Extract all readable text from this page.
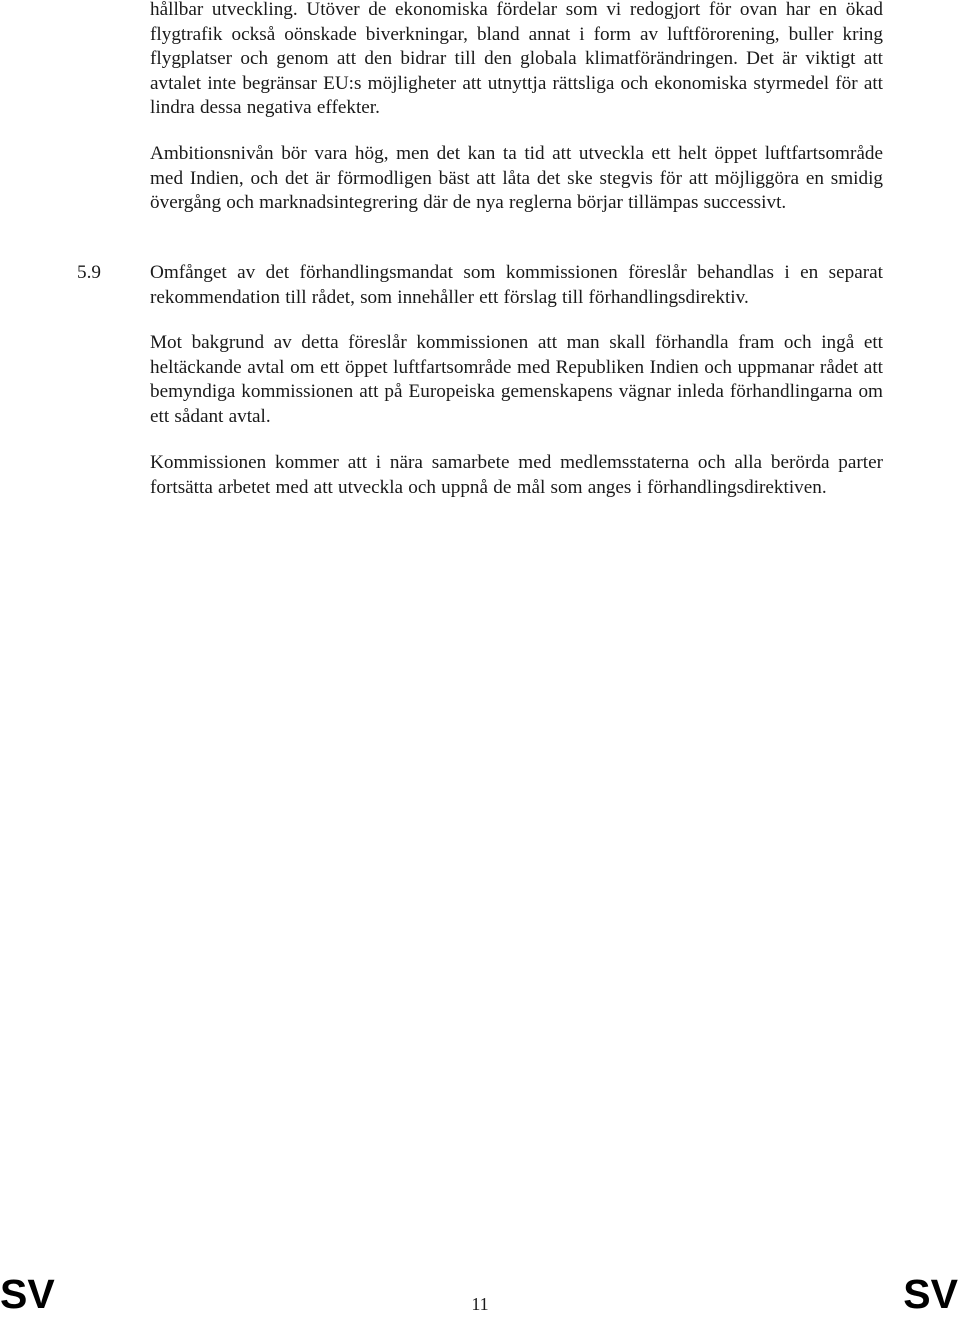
hållbar utveckling. Utöver de ekonomiska fördelar som vi redogjort för ovan har en ökad flygtrafik också oönskade biverkningar, bland annat i form av luftförorening, buller kring flygplatser och genom att den bidrar till den globala klimatförändringen. Det är viktigt att avtalet inte begränsar EU:s möjligheter att utnyttja rättsliga och ekonomiska styrmedel för att lindra dessa negativa effekter.

Ambitionsnivån bör vara hög, men det kan ta tid att utveckla ett helt öppet luftfartsområde med Indien, och det är förmodligen bäst att låta det ske stegvis för att möjliggöra en smidig övergång och marknadsintegrering där de nya reglerna börjar tillämpas successivt.

5.9	Omfånget av det förhandlingsmandat som kommissionen föreslår behandlas i en separat rekommendation till rådet, som innehåller ett förslag till förhandlingsdirektiv.

Mot bakgrund av detta föreslår kommissionen att man skall förhandla fram och ingå ett heltäckande avtal om ett öppet luftfartsområde med Republiken Indien och uppmanar rådet att bemyndiga kommissionen att på Europeiska gemenskapens vägnar inleda förhandlingarna om ett sådant avtal.

Kommissionen kommer att i nära samarbete med medlemsstaterna och alla berörda parter fortsätta arbetet med att utveckla och uppnå de mål som anges i förhandlingsdirektiven.

SV	11	SV
